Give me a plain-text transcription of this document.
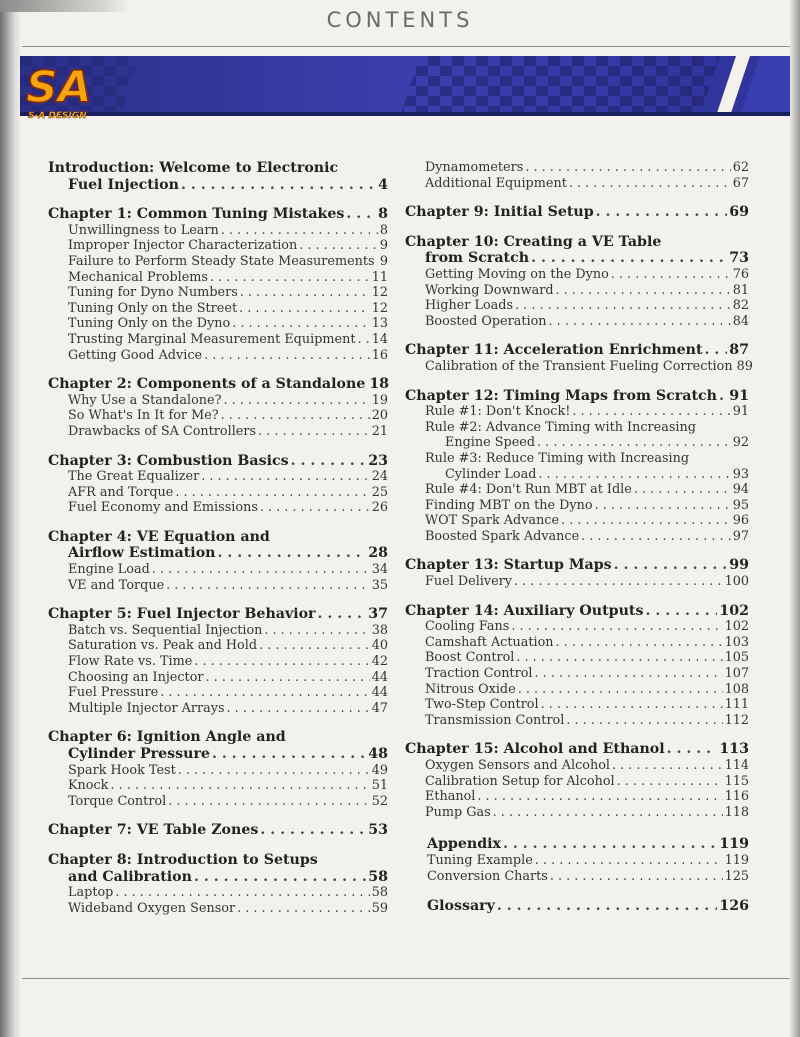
CONTENTS
SA
S-A DESIGN
Introduction: Welcome to Electronic
Fuel Injection . . .	4
Chapter 1: Common Tuning Mistakes . . . 8
Unwillingness to Learn . . .	8
Improper Injector Characterization . . .	9
Failure to Perform Steady State Measurements . . . 9
Mechanical Problems . . .	11
Tuning for Dyno Numbers . . .	12
Tuning Only on the Street . . .	12
Tuning Only on the Dyno . . .	13
Trusting Marginal Measurement Equipment . . . 14
Getting Good Advice . . .	16
Chapter 2: Components of a Standalone 18
Why Use a Standalone? . . .	19
So What's In It for Me? . . .	20
Drawbacks of SA Controllers . . .	21
Chapter 3: Combustion Basics . . .	23
The Great Equalizer . . .	24
AFR and Torque . . .	25
Fuel Economy and Emissions . . .	26
Chapter 4: VE Equation and
Airflow Estimation . . .	28
Engine Load . . .	34
VE and Torque . . .	35
Chapter 5: Fuel Injector Behavior . . .	37
Batch vs. Sequential Injection . . .	38
Saturation vs. Peak and Hold . . .	40
Flow Rate vs. Time . . .	42
Choosing an Injector . . .	44
Fuel Pressure . . .	44
Multiple Injector Arrays . . .	47
Chapter 6: Ignition Angle and
Cylinder Pressure . . .	48
Spark Hook Test . . .	49
Knock . . .	51
Torque Control . . .	52
Chapter 7: VE Table Zones . . .	53
Chapter 8: Introduction to Setups
and Calibration . . .	58
Laptop . . .	58
Wideband Oxygen Sensor . . .	59
Dynamometers . . .	62
Additional Equipment . . .	67
Chapter 9: Initial Setup . . .	69
Chapter 10: Creating a VE Table
from Scratch . . .	73
Getting Moving on the Dyno . . .	76
Working Downward . . .	81
Higher Loads . . .	82
Boosted Operation . . .	84
Chapter 11: Acceleration Enrichment . . . 87
Calibration of the Transient Fueling Correction 89
Chapter 12: Timing Maps from Scratch . . . 91
Rule #1: Don't Knock! . . .	91
Rule #2: Advance Timing with Increasing
Engine Speed . . .	92
Rule #3: Reduce Timing with Increasing
Cylinder Load . . .	93
Rule #4: Don't Run MBT at Idle . . .	94
Finding MBT on the Dyno . . .	95
WOT Spark Advance . . .	96
Boosted Spark Advance . . .	97
Chapter 13: Startup Maps . . .	99
Fuel Delivery . . .	100
Chapter 14: Auxiliary Outputs . . .	102
Cooling Fans . . .	102
Camshaft Actuation . . .	103
Boost Control . . .	105
Traction Control . . .	107
Nitrous Oxide . . .	108
Two-Step Control . . .	111
Transmission Control . . .	112
Chapter 15: Alcohol and Ethanol . . .	113
Oxygen Sensors and Alcohol . . .	114
Calibration Setup for Alcohol . . .	115
Ethanol . . .	116
Pump Gas . . .	118
Appendix . . .	119
Tuning Example . . .	119
Conversion Charts . . .	125
Glossary . . .	126
